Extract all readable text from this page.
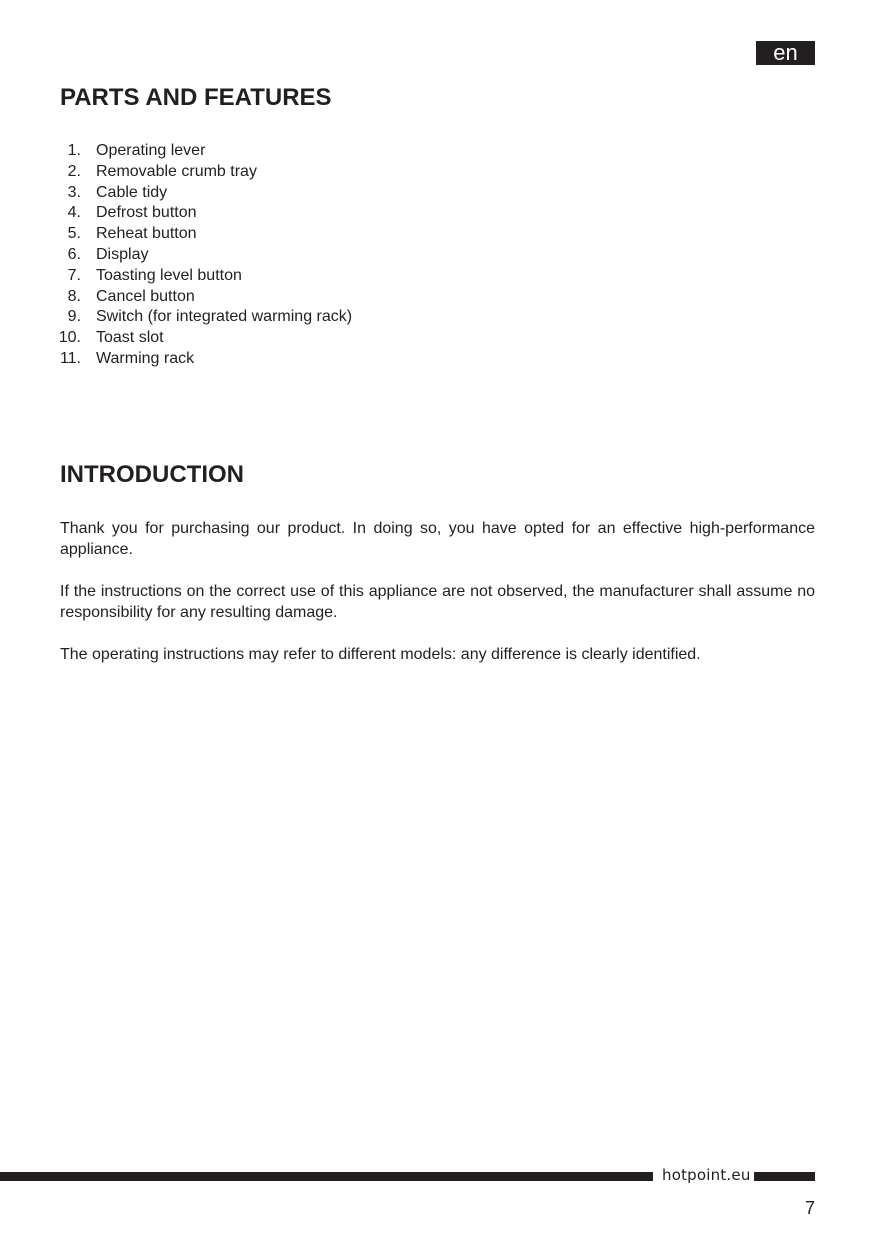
en
PARTS AND FEATURES
1. Operating lever
2. Removable crumb tray
3. Cable tidy
4. Defrost button
5. Reheat button
6. Display
7. Toasting level button
8. Cancel button
9. Switch (for integrated warming rack)
10. Toast slot
11. Warming rack
INTRODUCTION

Thank you for purchasing our product. In doing so, you have opted for an effective high-performance appliance.

If the instructions on the correct use of this appliance are not observed, the manufacturer shall assume no responsibility for any resulting damage.

The operating instructions may refer to different models: any difference is clearly identified.

hotpoint.eu
7
